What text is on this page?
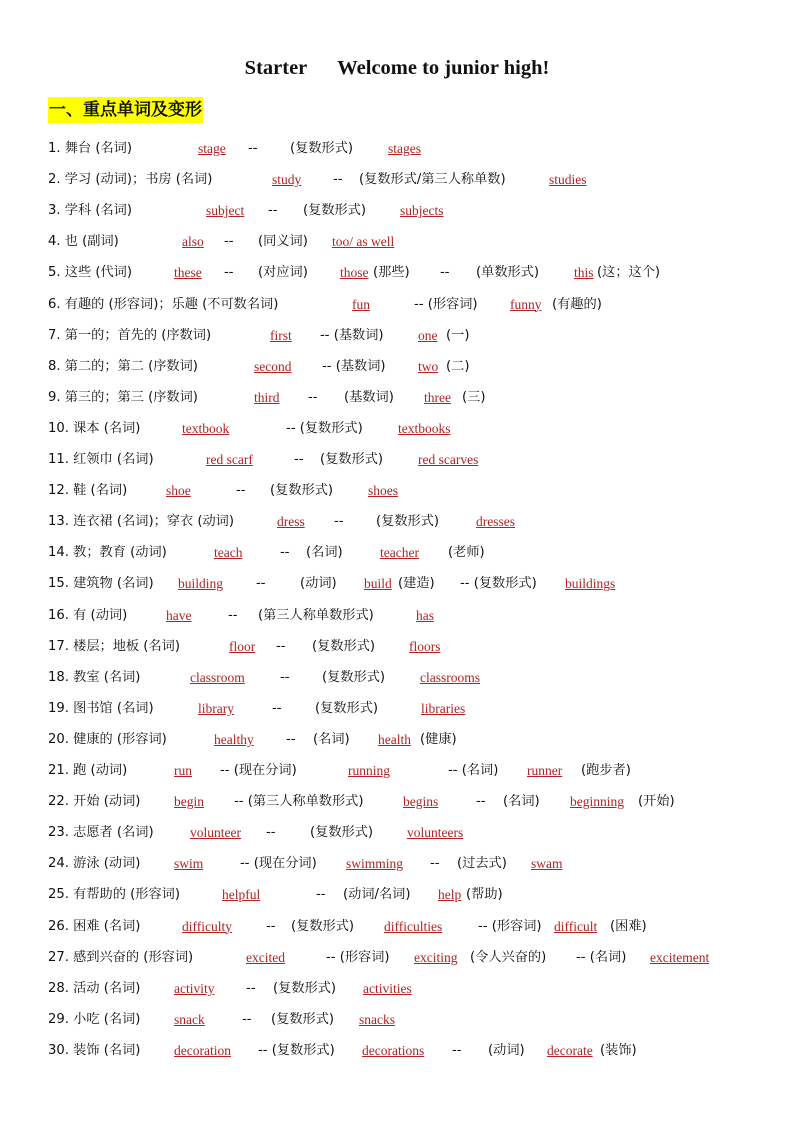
Starter      Welcome to junior high!
一、重点单词及变形
1. 舞台 (名词)	stage -- (复数形式)	stages
2. 学习 (动词)；书房 (名词)	study -- (复数形式/第三人称单数)	studies
3. 学科 (名词)	subject -- (复数形式)	subjects
4. 也 (副词)	also -- (同义词) too/ as well
5. 这些 (代词)	these -- (对应词) those (那些) -- (单数形式)	this (这；这个)
6. 有趣的 (形容词)；乐趣 (不可数名词)	fun	-- (形容词) funny (有趣的)
7. 第一的；首先的 (序数词)	first -- (基数词)	one (一)
8. 第二的；第二 (序数词)	second -- (基数词) two (二)
9. 第三的；第三 (序数词)	third -- (基数词) three (三)
10. 课本 (名词)	textbook	-- (复数形式)	textbooks
11. 红领巾 (名词)	red scarf	-- (复数形式)	red scarves
12. 鞋 (名词)	shoe	-- (复数形式)	shoes
13. 连衣裙 (名词)；穿衣 (动词)	dress -- (复数形式)	dresses
14. 教；教育 (动词)	teach	-- (名词)	teacher (老师)
15. 建筑物 (名词) building --	(动词) build (建造) -- (复数形式) buildings
16. 有 (动词)	have	-- (第三人称单数形式)	has
17. 楼层；地板 (名词)	floor -- (复数形式)	floors
18. 教室 (名词)	classroom	-- (复数形式)	classrooms
19. 图书馆 (名词)	library	--	(复数形式)	libraries
20. 健康的 (形容词)	healthy -- (名词) health (健康)
21. 跑 (动词)	run -- (现在分词)	running	-- (名词) runner (跑步者)
22. 开始 (动词) begin -- (第三人称单数形式)	begins	-- (名词) beginning (开始)
23. 志愿者 (名词)	volunteer --	(复数形式)	volunteers
24. 游泳 (动词) swim	-- (现在分词) swimming -- (过去式) swam
25. 有帮助的 (形容词)	helpful	-- (动词/名词) help (帮助)
26. 困难 (名词)	difficulty	-- (复数形式) difficulties	-- (形容词) difficult (困难)
27. 感到兴奋的 (形容词)	excited	-- (形容词) exciting (令人兴奋的) -- (名词) excitement
28. 活动 (名词) activity -- (复数形式) activities
29. 小吃 (名词) snack	-- (复数形式) snacks
30. 装饰 (名词) decoration -- (复数形式) decorations -- (动词) decorate (装饰)
